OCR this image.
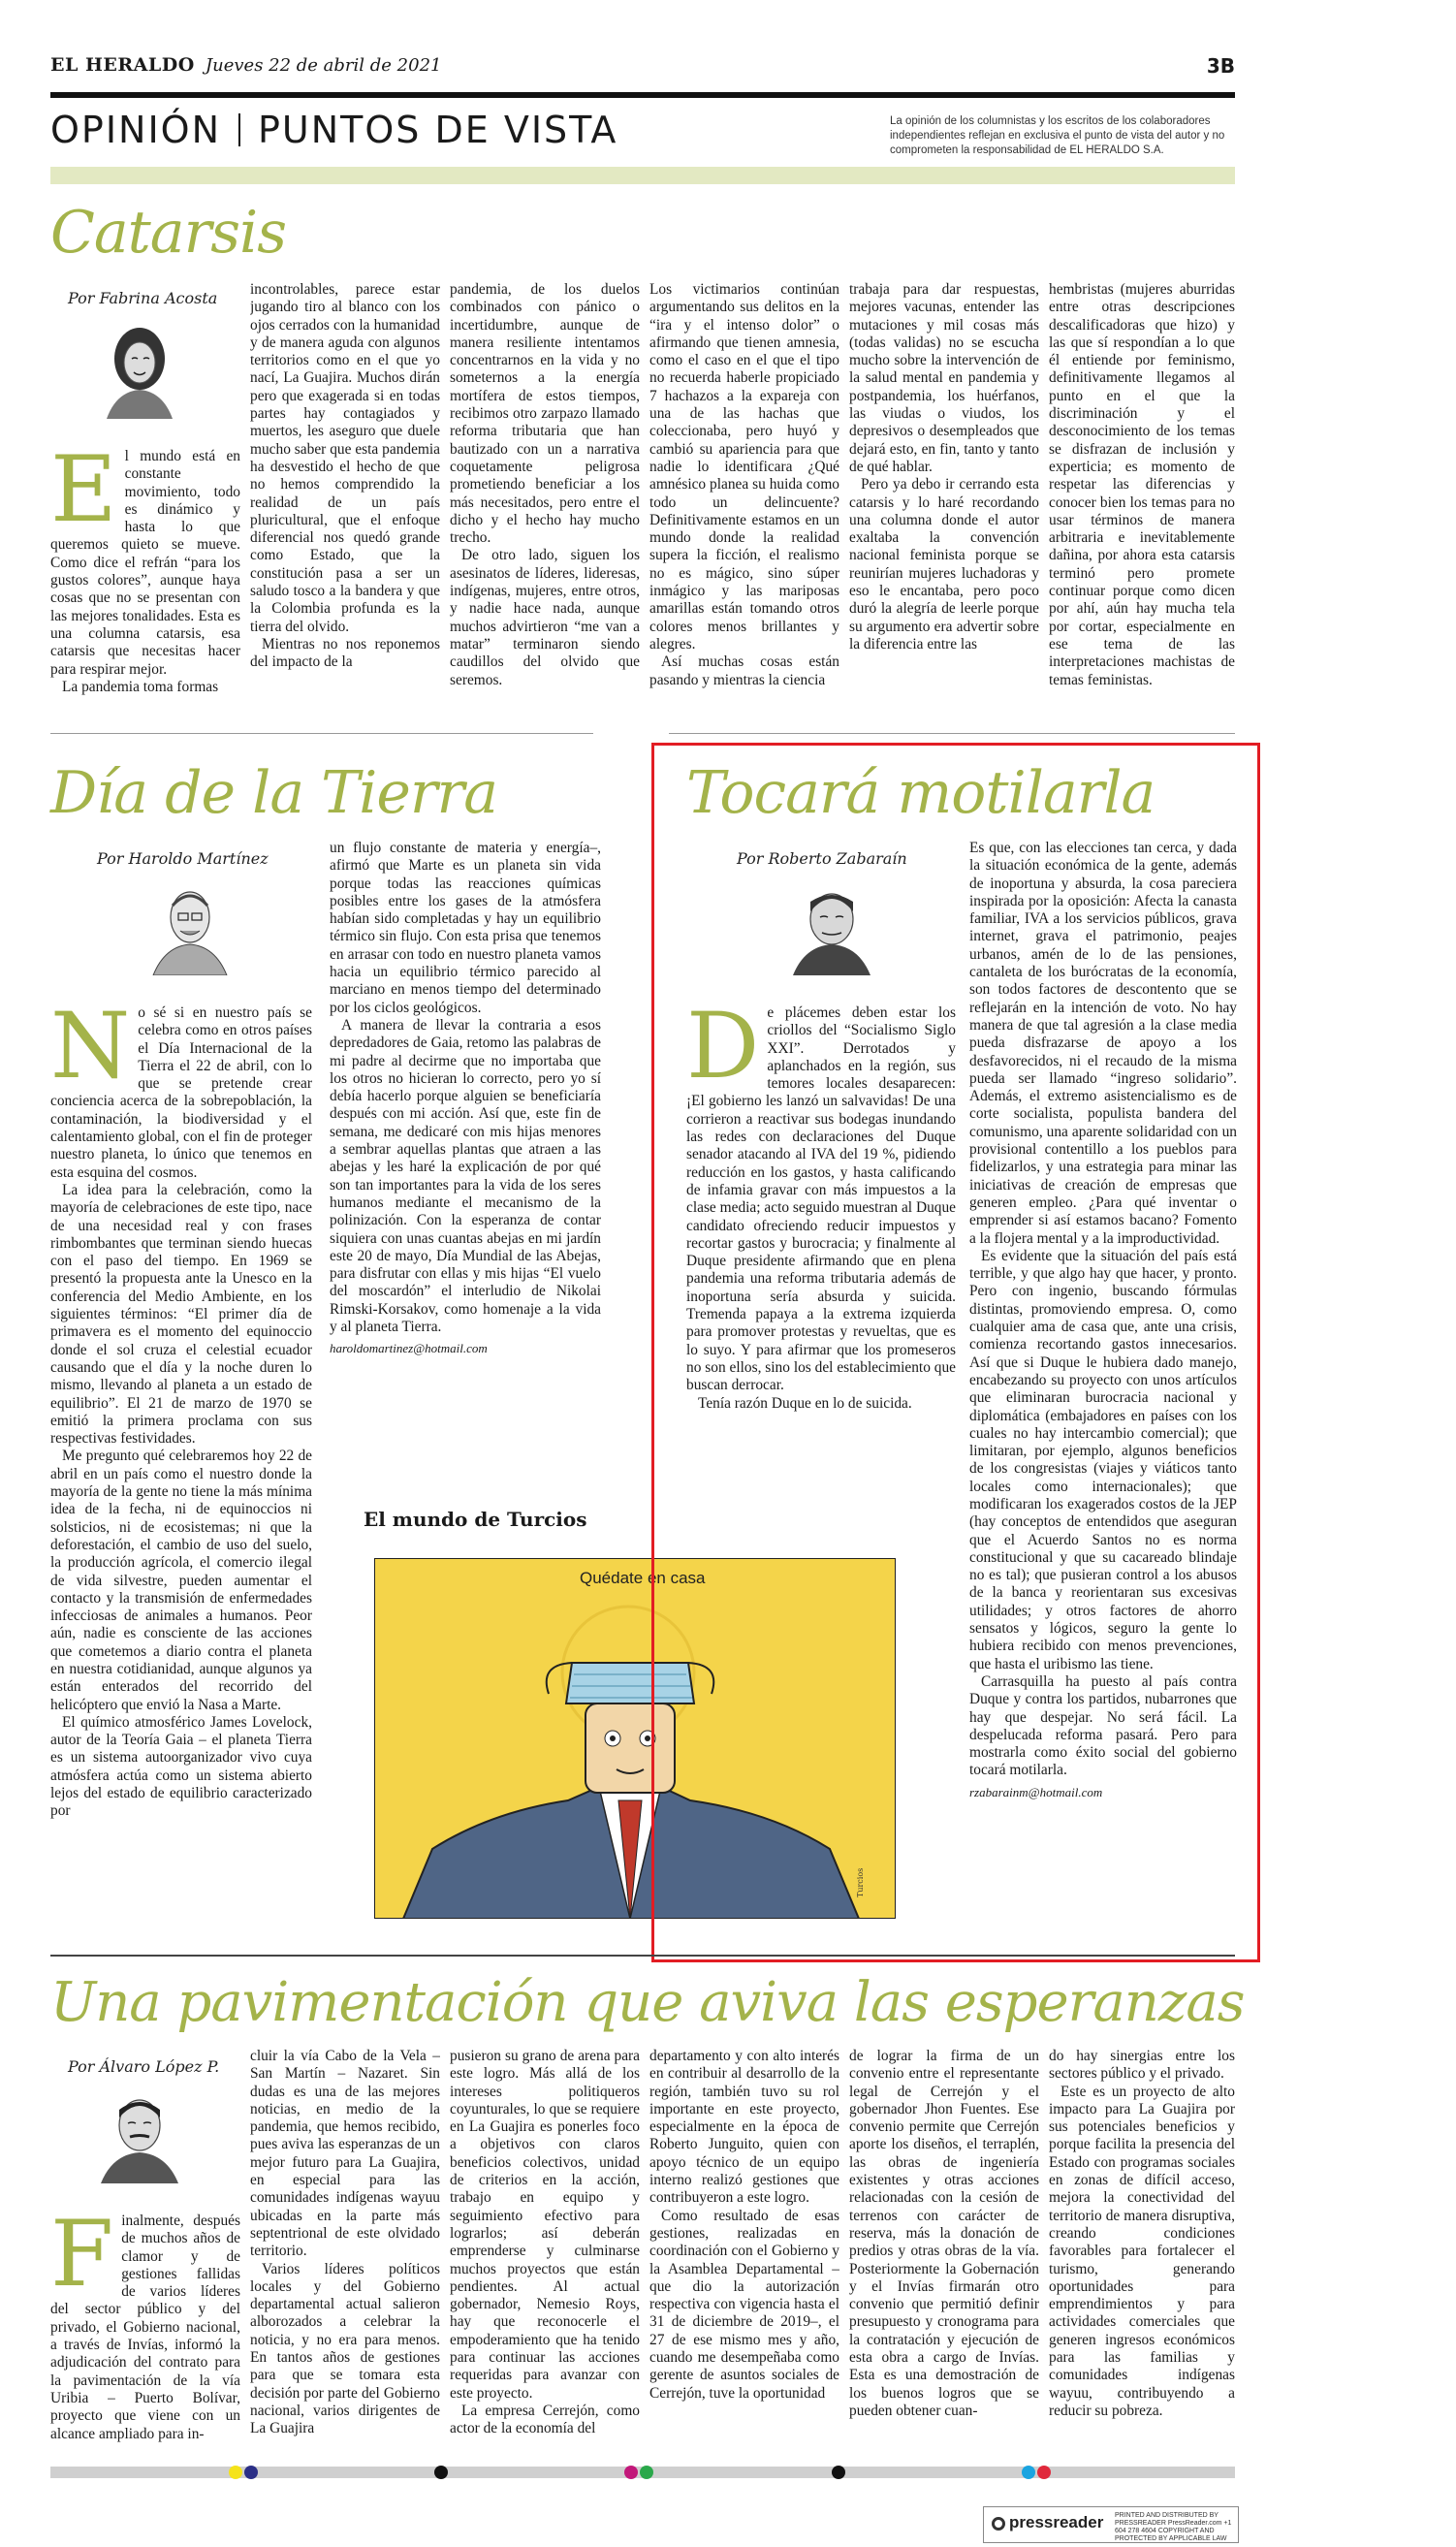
EL HERALDO Jueves 22 de abril de 2021	3B
OPINIÓN PUNTOS DE VISTA	La opinión de los columnistas y los escritos de los colaboradores independientes reflejan en exclusiva el punto de vista del autor y no comprometen la responsabilidad de EL HERALDO S.A.
Catarsis
Por Fabrina Acosta
E l mundo está en constante movimiento, todo es dinámico y hasta lo que queremos quieto se mueve. Como dice el refrán “para los gustos colores”, aunque haya cosas que no se presentan con las mejores tonalidades. Esta es una columna catarsis, esa catarsis que necesitas hacer para respirar mejor.

La pandemia toma formas

incontrolables, parece estar jugando tiro al blanco con los ojos cerrados con la humanidad y de manera aguda con algunos territorios como en el que yo nací, La Guajira. Muchos dirán pero que exagerada si en todas partes hay contagiados y muertos, les aseguro que duele mucho saber que esta pandemia ha desvestido el hecho de que no hemos comprendido la realidad de un país pluricultural, que el enfoque diferencial nos quedó grande como Estado, que la constitución pasa a ser un saludo tosco a la bandera y que la Colombia profunda es la tierra del olvido.

Mientras no nos reponemos del impacto de la

pandemia, de los duelos combinados con pánico o incertidumbre, aunque de manera resiliente intentamos concentrarnos en la vida y no someternos a la energía mortífera de estos tiempos, recibimos otro zarpazo llamado reforma tributaria que han bautizado con un a narrativa coquetamente peligrosa prometiendo beneficiar a los más necesitados, pero entre el dicho y el hecho hay mucho trecho.

De otro lado, siguen los asesinatos de líderes, lideresas, indígenas, mujeres, entre otros, y nadie hace nada, aunque muchos advirtieron “me van a matar” terminaron siendo caudillos del olvido que seremos.

Los victimarios continúan argumentando sus delitos en la “ira y el intenso dolor” o afirmando que tienen amnesia, como el caso en el que el tipo no recuerda haberle propiciado 7 hachazos a la expareja con una de las hachas que coleccionaba, pero huyó y cambió su apariencia para que nadie lo identificara ¿Qué amnésico planea su huida como todo un delincuente? Definitivamente estamos en un mundo donde la realidad supera la ficción, el realismo no es mágico, sino súper inmágico y las mariposas amarillas están tomando otros colores menos brillantes y alegres.

Así muchas cosas están pasando y mientras la ciencia

trabaja para dar respuestas, mejores vacunas, entender las mutaciones y mil cosas más (todas validas) no se escucha mucho sobre la intervención de la salud mental en pandemia y postpandemia, los huérfanos, las viudas o viudos, los depresivos o desempleados que dejará esto, en fin, tanto y tanto de qué hablar.

Pero ya debo ir cerrando esta catarsis y lo haré recordando una columna donde el autor exaltaba la convención nacional feminista porque se reunirían mujeres luchadoras y eso le encantaba, pero poco duró la alegría de leerle porque su argumento era advertir sobre la diferencia entre las

hembristas (mujeres aburridas entre otras descripciones descalificadoras que hizo) y las que sí respondían a lo que él entiende por feminismo, definitivamente llegamos al punto en el que la discriminación y el desconocimiento de los temas se disfrazan de inclusión y experticia; es momento de respetar las diferencias y conocer bien los temas para no usar términos de manera arbitraria e inevitablemente dañina, por ahora esta catarsis terminó pero promete continuar porque como dicen por ahí, aún hay mucha tela por cortar, especialmente en ese tema de las interpretaciones machistas de temas feministas.

Día de la Tierra
Por Haroldo Martínez
N o sé si en nuestro país se celebra como en otros países el Día Internacional de la Tierra el 22 de abril, con lo que se pretende crear conciencia acerca de la sobrepoblación, la contaminación, la biodiversidad y el calentamiento global, con el fin de proteger nuestro planeta, lo único que tenemos en esta esquina del cosmos.

La idea para la celebración, como la mayoría de celebraciones de este tipo, nace de una necesidad real y con frases rimbombantes que terminan siendo huecas con el paso del tiempo. En 1969 se presentó la propuesta ante la Unesco en la conferencia del Medio Ambiente, en los siguientes términos: “El primer día de primavera es el momento del equinoccio donde el sol cruza el celestial ecuador causando que el día y la noche duren lo mismo, llevando al planeta a un estado de equilibrio”. El 21 de marzo de 1970 se emitió la primera proclama con sus respectivas festividades.

Me pregunto qué celebraremos hoy 22 de abril en un país como el nuestro donde la mayoría de la gente no tiene la más mínima idea de la fecha, ni de equinoccios ni solsticios, ni de ecosistemas; ni que la deforestación, el cambio de uso del suelo, la producción agrícola, el comercio ilegal de vida silvestre, pueden aumentar el contacto y la transmisión de enfermedades infecciosas de animales a humanos. Peor aún, nadie es consciente de las acciones que cometemos a diario contra el planeta en nuestra cotidianidad, aunque algunos ya están enterados del recorrido del helicóptero que envió la Nasa a Marte.

El químico atmosférico James Lovelock, autor de la Teoría Gaia – el planeta Tierra es un sistema autoorganizador vivo cuya atmósfera actúa como un sistema abierto lejos del estado de equilibrio caracterizado por

un flujo constante de materia y energía–, afirmó que Marte es un planeta sin vida porque todas las reacciones químicas posibles entre los gases de la atmósfera habían sido completadas y hay un equilibrio térmico sin flujo. Con esta prisa que tenemos en arrasar con todo en nuestro planeta vamos hacia un equilibrio térmico parecido al marciano en menos tiempo del determinado por los ciclos geológicos.

A manera de llevar la contraria a esos depredadores de Gaia, retomo las palabras de mi padre al decirme que no importaba que los otros no hicieran lo correcto, pero yo sí debía hacerlo porque alguien se beneficiaría después con mi acción. Así que, este fin de semana, me dedicaré con mis hijas menores a sembrar aquellas plantas que atraen a las abejas y les haré la explicación de por qué son tan importantes para la vida de los seres humanos mediante el mecanismo de la polinización. Con la esperanza de contar siquiera con unas cuantas abejas en mi jardín este 20 de mayo, Día Mundial de las Abejas, para disfrutar con ellas y mis hijas “El vuelo del moscardón” el interludio de Nikolai Rimski-Korsakov, como homenaje a la vida y al planeta Tierra.

haroldomartinez@hotmail.com
El mundo de Turcios
Quédate en casa
Turcios
Tocará motilarla
Por Roberto Zabaraín
D e plácemes deben estar los criollos del “Socialismo Siglo XXI”. Derrotados y aplanchados en la región, sus temores locales desaparecen: ¡El gobierno les lanzó un salvavidas! De una corrieron a reactivar sus bodegas inundando las redes con declaraciones del Duque senador atacando al IVA del 19 %, pidiendo reducción en los gastos, y hasta calificando de infamia gravar con más impuestos a la clase media; acto seguido muestran al Duque candidato ofreciendo reducir impuestos y recortar gastos y burocracia; y finalmente al Duque presidente afirmando que en plena pandemia una reforma tributaria además de inoportuna sería absurda y suicida. Tremenda papaya a la extrema izquierda para promover protestas y revueltas, que es lo suyo. Y para afirmar que los promeseros no son ellos, sino los del establecimiento que buscan derrocar.

Tenía razón Duque en lo de suicida.

Es que, con las elecciones tan cerca, y dada la situación económica de la gente, además de inoportuna y absurda, la cosa pareciera inspirada por la oposición: Afecta la canasta familiar, IVA a los servicios públicos, grava internet, grava el patrimonio, peajes urbanos, amén de lo de las pensiones, cantaleta de los burócratas de la economía, son todos factores de descontento que se reflejarán en la intención de voto. No hay manera de que tal agresión a la clase media pueda disfrazarse de apoyo a los desfavorecidos, ni el recaudo de la misma pueda ser llamado “ingreso solidario”. Además, el extremo asistencialismo es de corte socialista, populista bandera del comunismo, una aparente solidaridad con un provisional contentillo a los pueblos para fidelizarlos, y una estrategia para minar las iniciativas de creación de empresas que generen empleo. ¿Para qué inventar o emprender si así estamos bacano? Fomento a la flojera mental y a la improductividad.

Es evidente que la situación del país está terrible, y que algo hay que hacer, y pronto. Pero con ingenio, buscando fórmulas distintas, promoviendo empresa. O, como cualquier ama de casa que, ante una crisis, comienza recortando gastos innecesarios. Así que si Duque le hubiera dado manejo, encabezando su proyecto con unos artículos que eliminaran burocracia nacional y diplomática (embajadores en países con los cuales no hay intercambio comercial); que limitaran, por ejemplo, algunos beneficios de los congresistas (viajes y viáticos tanto locales como internacionales); que modificaran los exagerados costos de la JEP (hay conceptos de entendidos que aseguran que el Acuerdo Santos no es norma constitucional y que su cacareado blindaje no es tal); que pusieran control a los abusos de la banca y reorientaran sus excesivas utilidades; y otros factores de ahorro sensatos y lógicos, seguro la gente lo hubiera recibido con menos prevenciones, que hasta el uribismo las tiene.

Carrasquilla ha puesto al país contra Duque y contra los partidos, nubarrones que hay que despejar. No será fácil. La despelucada reforma pasará. Pero para mostrarla como éxito social del gobierno tocará motilarla.

rzabarainm@hotmail.com
Una pavimentación que aviva las esperanzas
Por Álvaro López P.
F inalmente, después de muchos años de clamor y de gestiones fallidas de varios líderes del sector público y del privado, el Gobierno nacional, a través de Invías, informó la adjudicación del contrato para la pavimentación de la vía Uribia – Puerto Bolívar, proyecto que viene con un alcance ampliado para in-

cluir la vía Cabo de la Vela – San Martín – Nazaret. Sin dudas es una de las mejores noticias, en medio de la pandemia, que hemos recibido, pues aviva las esperanzas de un mejor futuro para La Guajira, en especial para las comunidades indígenas wayuu ubicadas en la parte más septentrional de este olvidado territorio.

Varios líderes políticos locales y del Gobierno departamental actual salieron alborozados a celebrar la noticia, y no era para menos. En tantos años de gestiones para que se tomara esta decisión por parte del Gobierno nacional, varios dirigentes de La Guajira

pusieron su grano de arena para este logro. Más allá de los intereses politiqueros coyunturales, lo que se requiere en La Guajira es ponerles foco a objetivos con claros beneficios colectivos, unidad de criterios en la acción, trabajo en equipo y seguimiento efectivo para lograrlos; así deberán emprenderse y culminarse muchos proyectos que están pendientes. Al actual gobernador, Nemesio Roys, hay que reconocerle el empoderamiento que ha tenido para continuar las acciones requeridas para avanzar con este proyecto.

La empresa Cerrejón, como actor de la economía del

departamento y con alto interés en contribuir al desarrollo de la región, también tuvo su rol importante en este proyecto, especialmente en la época de Roberto Junguito, quien con apoyo técnico de un equipo interno realizó gestiones que contribuyeron a este logro.

Como resultado de esas gestiones, realizadas en coordinación con el Gobierno y la Asamblea Departamental –que dio la autorización respectiva con vigencia hasta el 31 de diciembre de 2019–, el 27 de ese mismo mes y año, cuando me desempeñaba como gerente de asuntos sociales de Cerrejón, tuve la oportunidad

de lograr la firma de un convenio entre el representante legal de Cerrejón y el gobernador Jhon Fuentes. Ese convenio permite que Cerrejón aporte los diseños, el terraplén, las obras de ingeniería existentes y otras acciones relacionadas con la cesión de terrenos con carácter de reserva, más la donación de predios y otras obras de la vía. Posteriormente la Gobernación y el Invías firmarán otro convenio que permitió definir presupuesto y cronograma para la contratación y ejecución de esta obra a cargo de Invías. Esta es una demostración de los buenos logros que se pueden obtener cuan-

do hay sinergias entre los sectores público y el privado.

Este es un proyecto de alto impacto para La Guajira por sus potenciales beneficios y porque facilita la presencia del Estado con programas sociales en zonas de difícil acceso, mejora la conectividad del territorio de manera disruptiva, creando condiciones favorables para fortalecer el turismo, generando oportunidades para emprendimientos y para actividades comerciales que generen ingresos económicos para las familias y comunidades indígenas wayuu, contribuyendo a reducir su pobreza.

pressreader PRINTED AND DISTRIBUTED BY PRESSREADER PressReader.com +1 604 278 4604 COPYRIGHT AND PROTECTED BY APPLICABLE LAW
